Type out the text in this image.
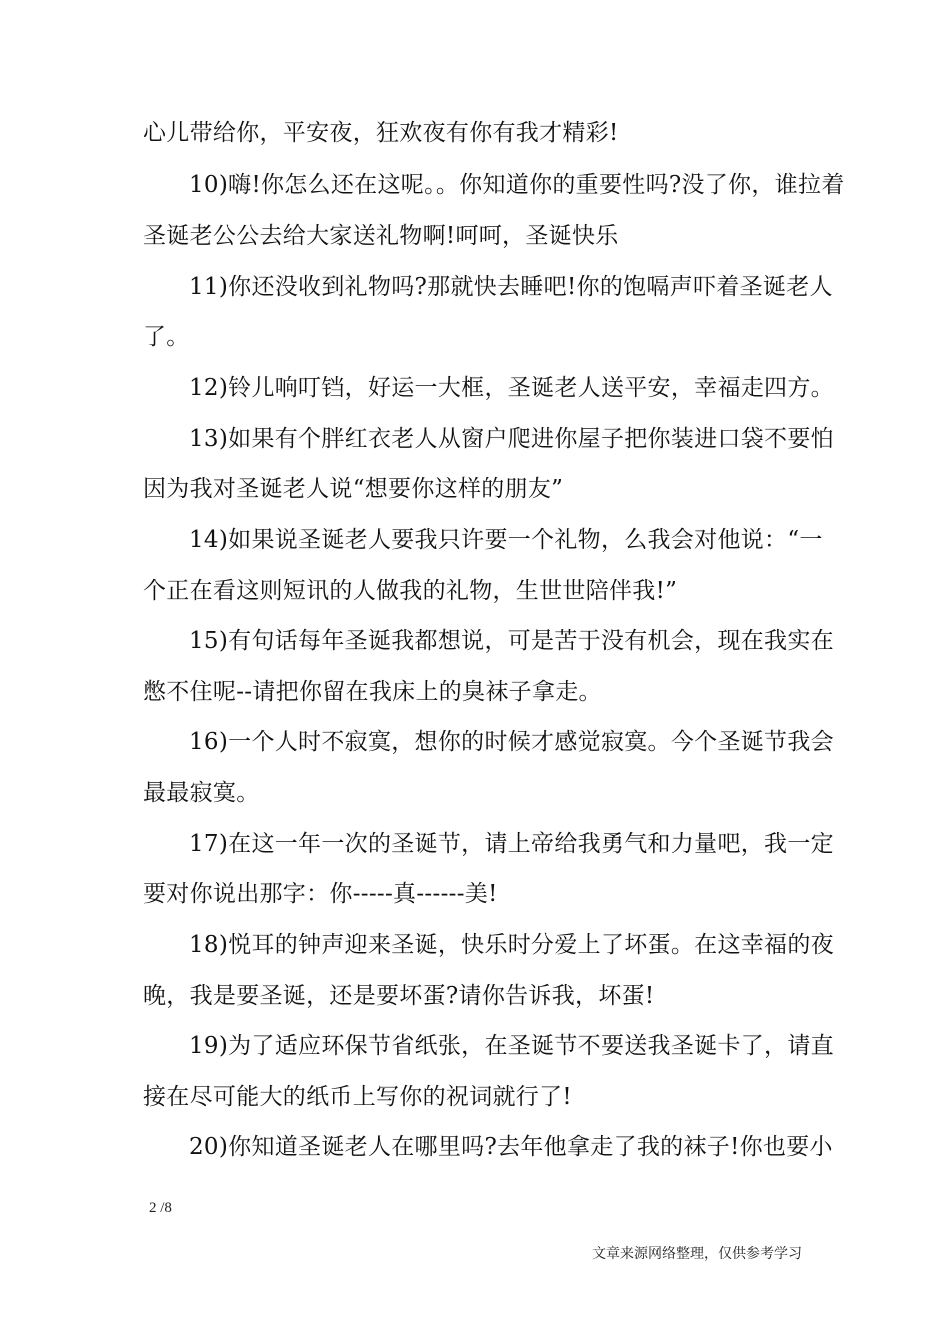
心儿带给你，平安夜，狂欢夜有你有我才精彩!
10)嗨!你怎么还在这呢。。你知道你的重要性吗?没了你，谁拉着
圣诞老公公去给大家送礼物啊!呵呵，圣诞快乐
11)你还没收到礼物吗?那就快去睡吧!你的饱嗝声吓着圣诞老人
了。
12)铃儿响叮铛，好运一大框，圣诞老人送平安，幸福走四方。
13)如果有个胖红衣老人从窗户爬进你屋子把你装进口袋不要怕
因为我对圣诞老人说“想要你这样的朋友”
14)如果说圣诞老人要我只许要一个礼物，么我会对他说：“一
个正在看这则短讯的人做我的礼物，生世世陪伴我!”
15)有句话每年圣诞我都想说，可是苦于没有机会，现在我实在
憋不住呢--请把你留在我床上的臭袜子拿走。
16)一个人时不寂寞，想你的时候才感觉寂寞。今个圣诞节我会
最最寂寞。
17)在这一年一次的圣诞节，请上帝给我勇气和力量吧，我一定
要对你说出那字：你-----真------美!
18)悦耳的钟声迎来圣诞，快乐时分爱上了坏蛋。在这幸福的夜
晚，我是要圣诞，还是要坏蛋?请你告诉我，坏蛋!
19)为了适应环保节省纸张，在圣诞节不要送我圣诞卡了，请直
接在尽可能大的纸币上写你的祝词就行了!
20)你知道圣诞老人在哪里吗?去年他拿走了我的袜子!你也要小
2 /8
文章来源网络整理，仅供参考学习
